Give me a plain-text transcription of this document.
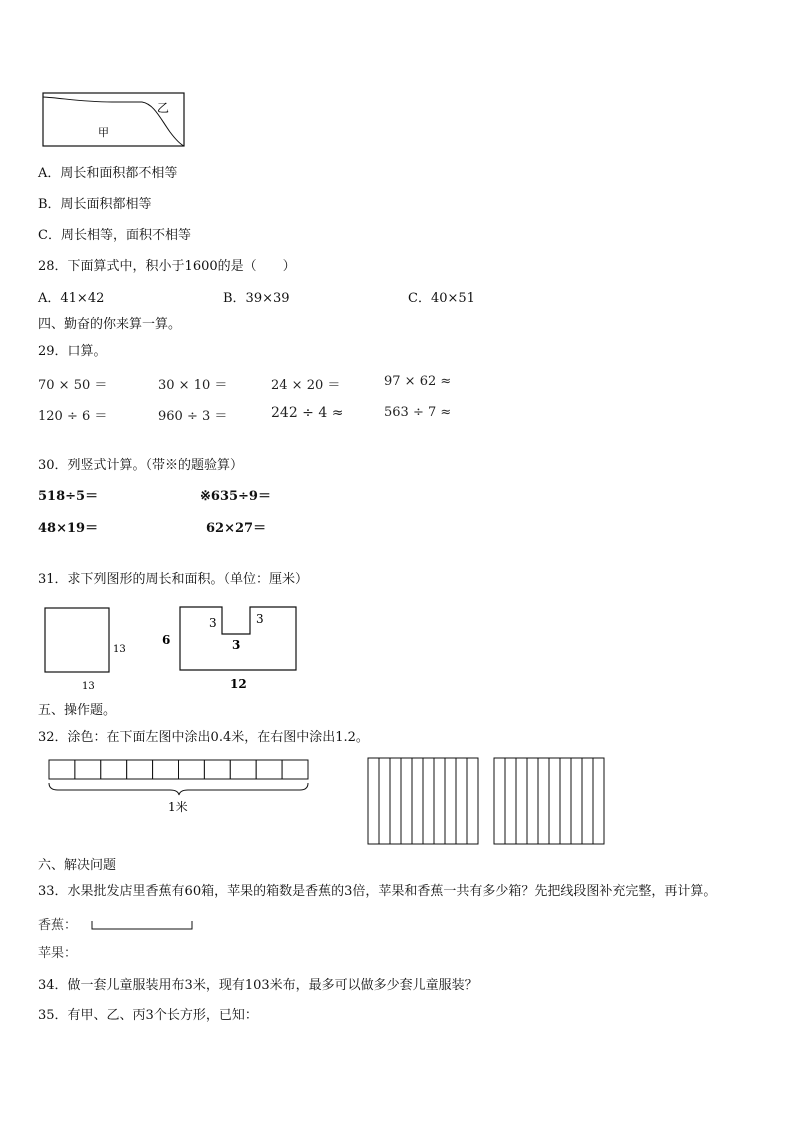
乙
甲
A．周长和面积都不相等
B．周长面积都相等
C．周长相等，面积不相等
28．下面算式中，积小于1600的是（　　）
A．41×42	B．39×39	C．40×51
四、勤奋的你来算一算。
29．口算。
70 × 50 ＝	30 × 10 ＝	24 × 20 ＝	97 × 62 ≈
120 ÷ 6 ＝	960 ÷ 3 ＝	242 ÷ 4 ≈	563 ÷ 7 ≈
30．列竖式计算。（带※的题验算）
518÷5＝	※635÷9＝
48×19＝	62×27＝
31．求下列图形的周长和面积。（单位：厘米）
13
13
6
3	3
3
12
五、操作题。
32．涂色：在下面左图中涂出0.4米，在右图中涂出1.2。
1米
六、解决问题
33．水果批发店里香蕉有60箱，苹果的箱数是香蕉的3倍，苹果和香蕉一共有多少箱？先把线段图补充完整，再计算。
香蕉：
苹果：
34．做一套儿童服装用布3米，现有103米布，最多可以做多少套儿童服装？
35．有甲、乙、丙3个长方形，已知：
